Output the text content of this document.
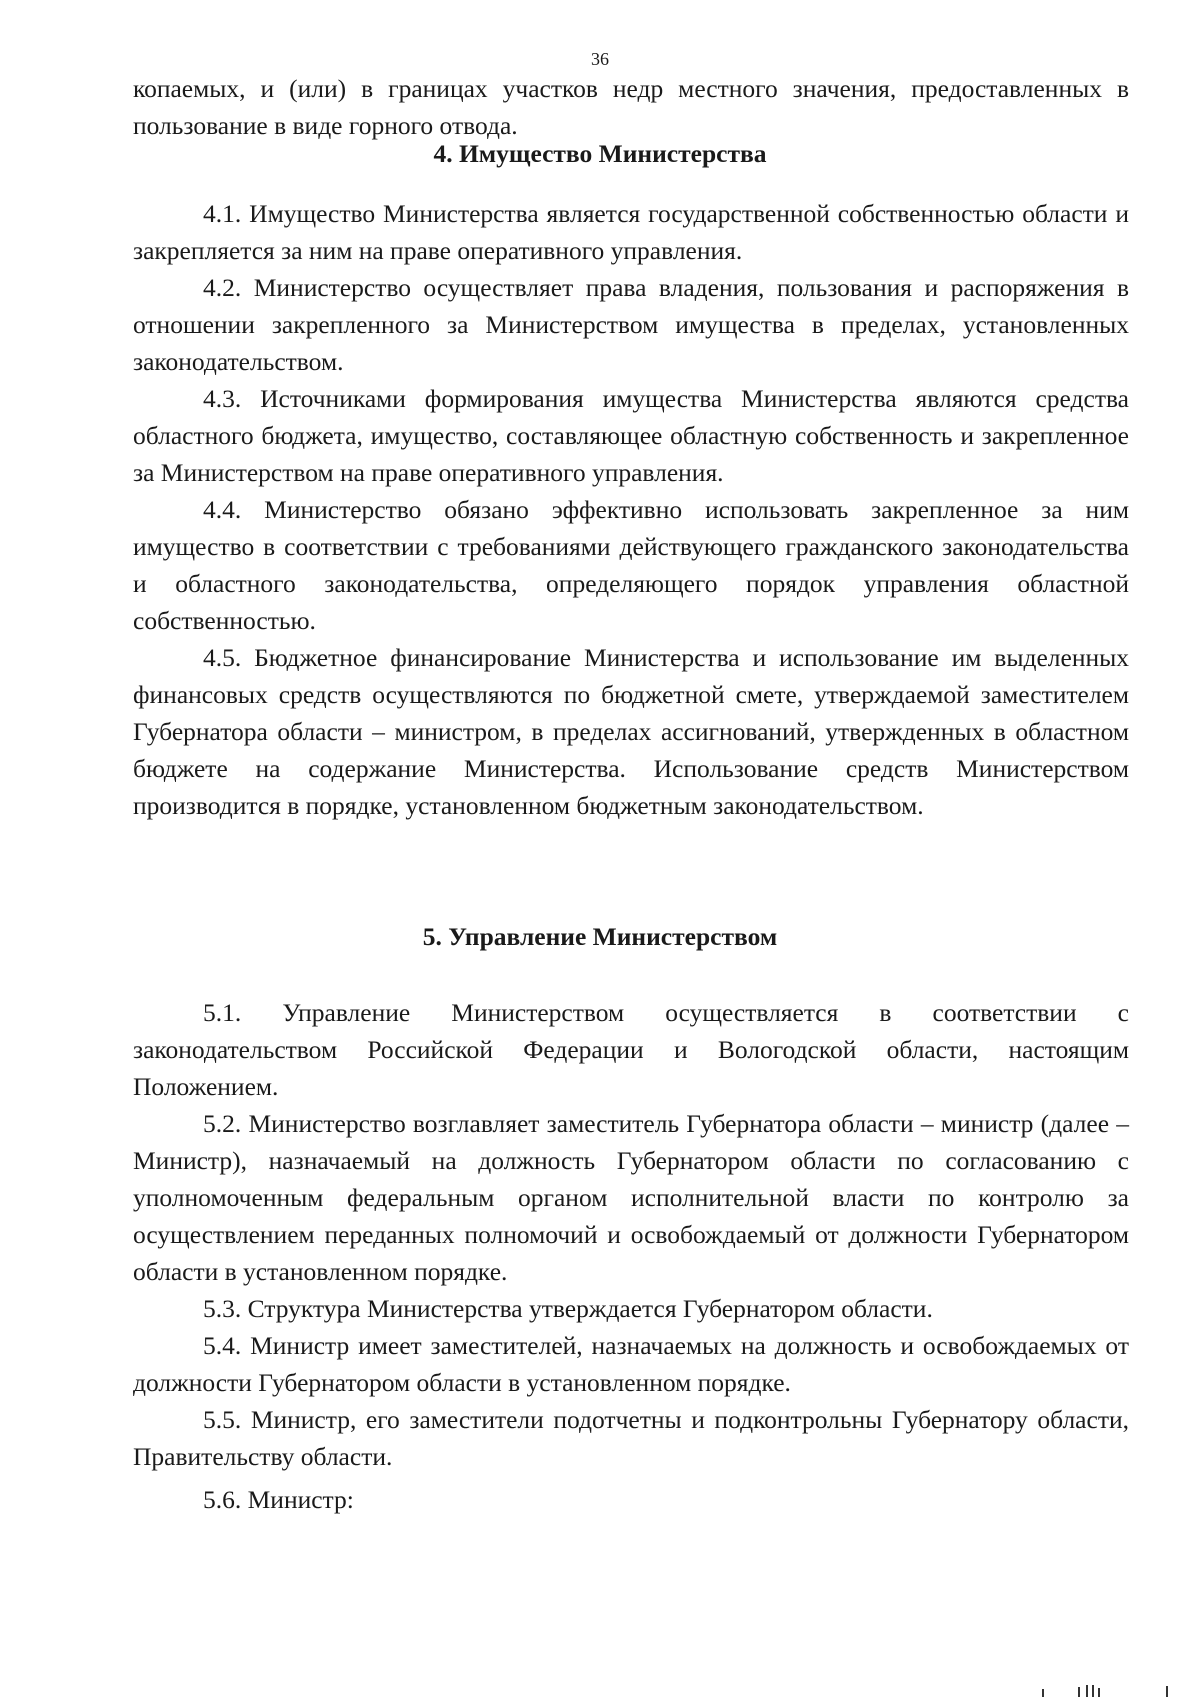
36

копаемых, и (или) в границах участков недр местного значения, предоставленных в пользование в виде горного отвода.

4. Имущество Министерства

4.1. Имущество Министерства является государственной собственностью области и закрепляется за ним на праве оперативного управления.

4.2. Министерство осуществляет права владения, пользования и распоряжения в отношении закрепленного за Министерством имущества в пределах, установленных законодательством.

4.3. Источниками формирования имущества Министерства являются средства областного бюджета, имущество, составляющее областную собственность и закрепленное за Министерством на праве оперативного управления.

4.4. Министерство обязано эффективно использовать закрепленное за ним имущество в соответствии с требованиями действующего гражданского законодательства и областного законодательства, определяющего порядок управления областной собственностью.

4.5. Бюджетное финансирование Министерства и использование им выделенных финансовых средств осуществляются по бюджетной смете, утверждаемой заместителем Губернатора области – министром, в пределах ассигнований, утвержденных в областном бюджете на содержание Министерства. Использование средств Министерством производится в порядке, установленном бюджетным законодательством.

5. Управление Министерством

5.1. Управление Министерством осуществляется в соответствии с законодательством Российской Федерации и Вологодской области, настоящим Положением.

5.2. Министерство возглавляет заместитель Губернатора области – министр (далее – Министр), назначаемый на должность Губернатором области по согласованию с уполномоченным федеральным органом исполнительной власти по контролю за осуществлением переданных полномочий и освобождаемый от должности Губернатором области в установленном порядке.

5.3. Структура Министерства утверждается Губернатором области.

5.4. Министр имеет заместителей, назначаемых на должность и освобождаемых от должности Губернатором области в установленном порядке.

5.5. Министр, его заместители подотчетны и подконтрольны Губернатору области, Правительству области.

5.6. Министр:
